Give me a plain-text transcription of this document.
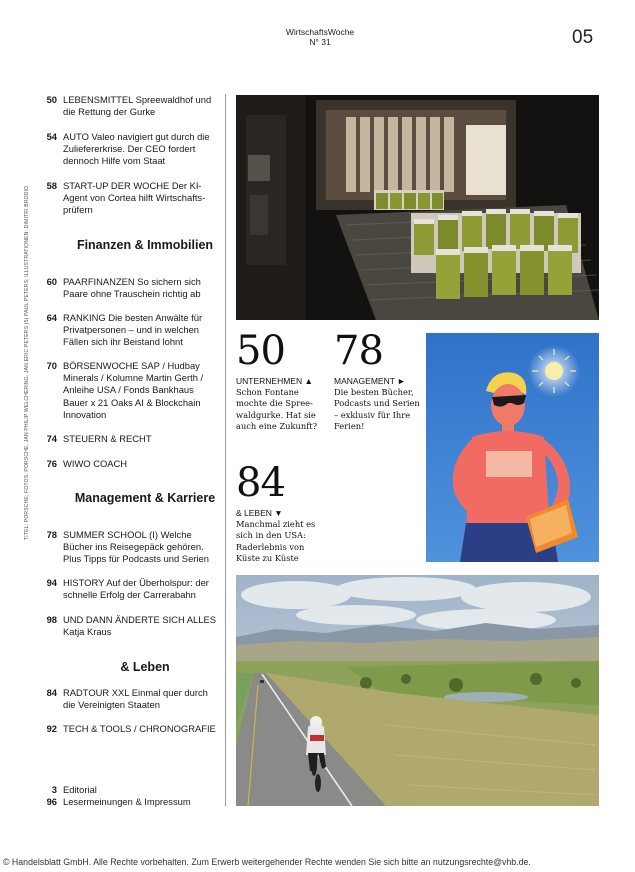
WirtschaftsWoche
N° 31	05
50 LEBENSMITTEL Spreewaldhof und die Rettung der Gurke
54 AUTO Valeo navigiert gut durch die Zuliefererkrise. Der CEO fordert dennoch Hilfe vom Staat
58 START-UP DER WOCHE Der KI-Agent von Cortea hilft Wirtschafts-prüfern
Finanzen & Immobilien
60 PAARFINANZEN So sichern sich Paare ohne Trauschein richtig ab
64 RANKING Die besten Anwälte für Privatpersonen – und in welchen Fällen sich ihr Beistand lohnt
70 BÖRSENWOCHE SAP / Hudbay Minerals / Kolumne Martin Gerth / Anleihe USA / Fonds Bankhaus Bauer x 21 Oaks AI & Blockchain Innovation
74 STEUERN & RECHT
76 WIWO COACH
Management & Karriere
78 SUMMER SCHOOL (I) Welche Bücher ins Reisegepäck gehören. Plus Tipps für Podcasts und Serien
94 HISTORY Auf der Überholspur: der schnelle Erfolg der Carrerabahn
98 UND DANN ÄNDERTE SICH ALLES Katja Kraus
& Leben
84 RADTOUR XXL Einmal quer durch die Vereinigten Staaten
92 TECH & TOOLS / CHRONOGRAFIE
3 Editorial
96 Lesermeinungen & Impressum
TITEL: PORSCHE; FOTOS: PORSCHE, JAN PHILIP WELCHERING, JAN ERIC PETERS (5) PAUL PETERS; ILLUSTRATIONEN: DIMITRI BRODIO	50
UNTERNEHMEN ▲
Schon Fontane mochte die Spree-waldgurke. Hat sie auch eine Zukunft?
78
MANAGEMENT ►
Die besten Bücher, Podcasts und Serien – exklusiv für Ihre Ferien!
84
& LEBEN ▼
Manchmal zieht es sich in den USA: Raderlebnis von Küste zu Küste
© Handelsblatt GmbH. Alle Rechte vorbehalten. Zum Erwerb weitergehender Rechte wenden Sie sich bitte an nutzungsrechte@vhb.de.
